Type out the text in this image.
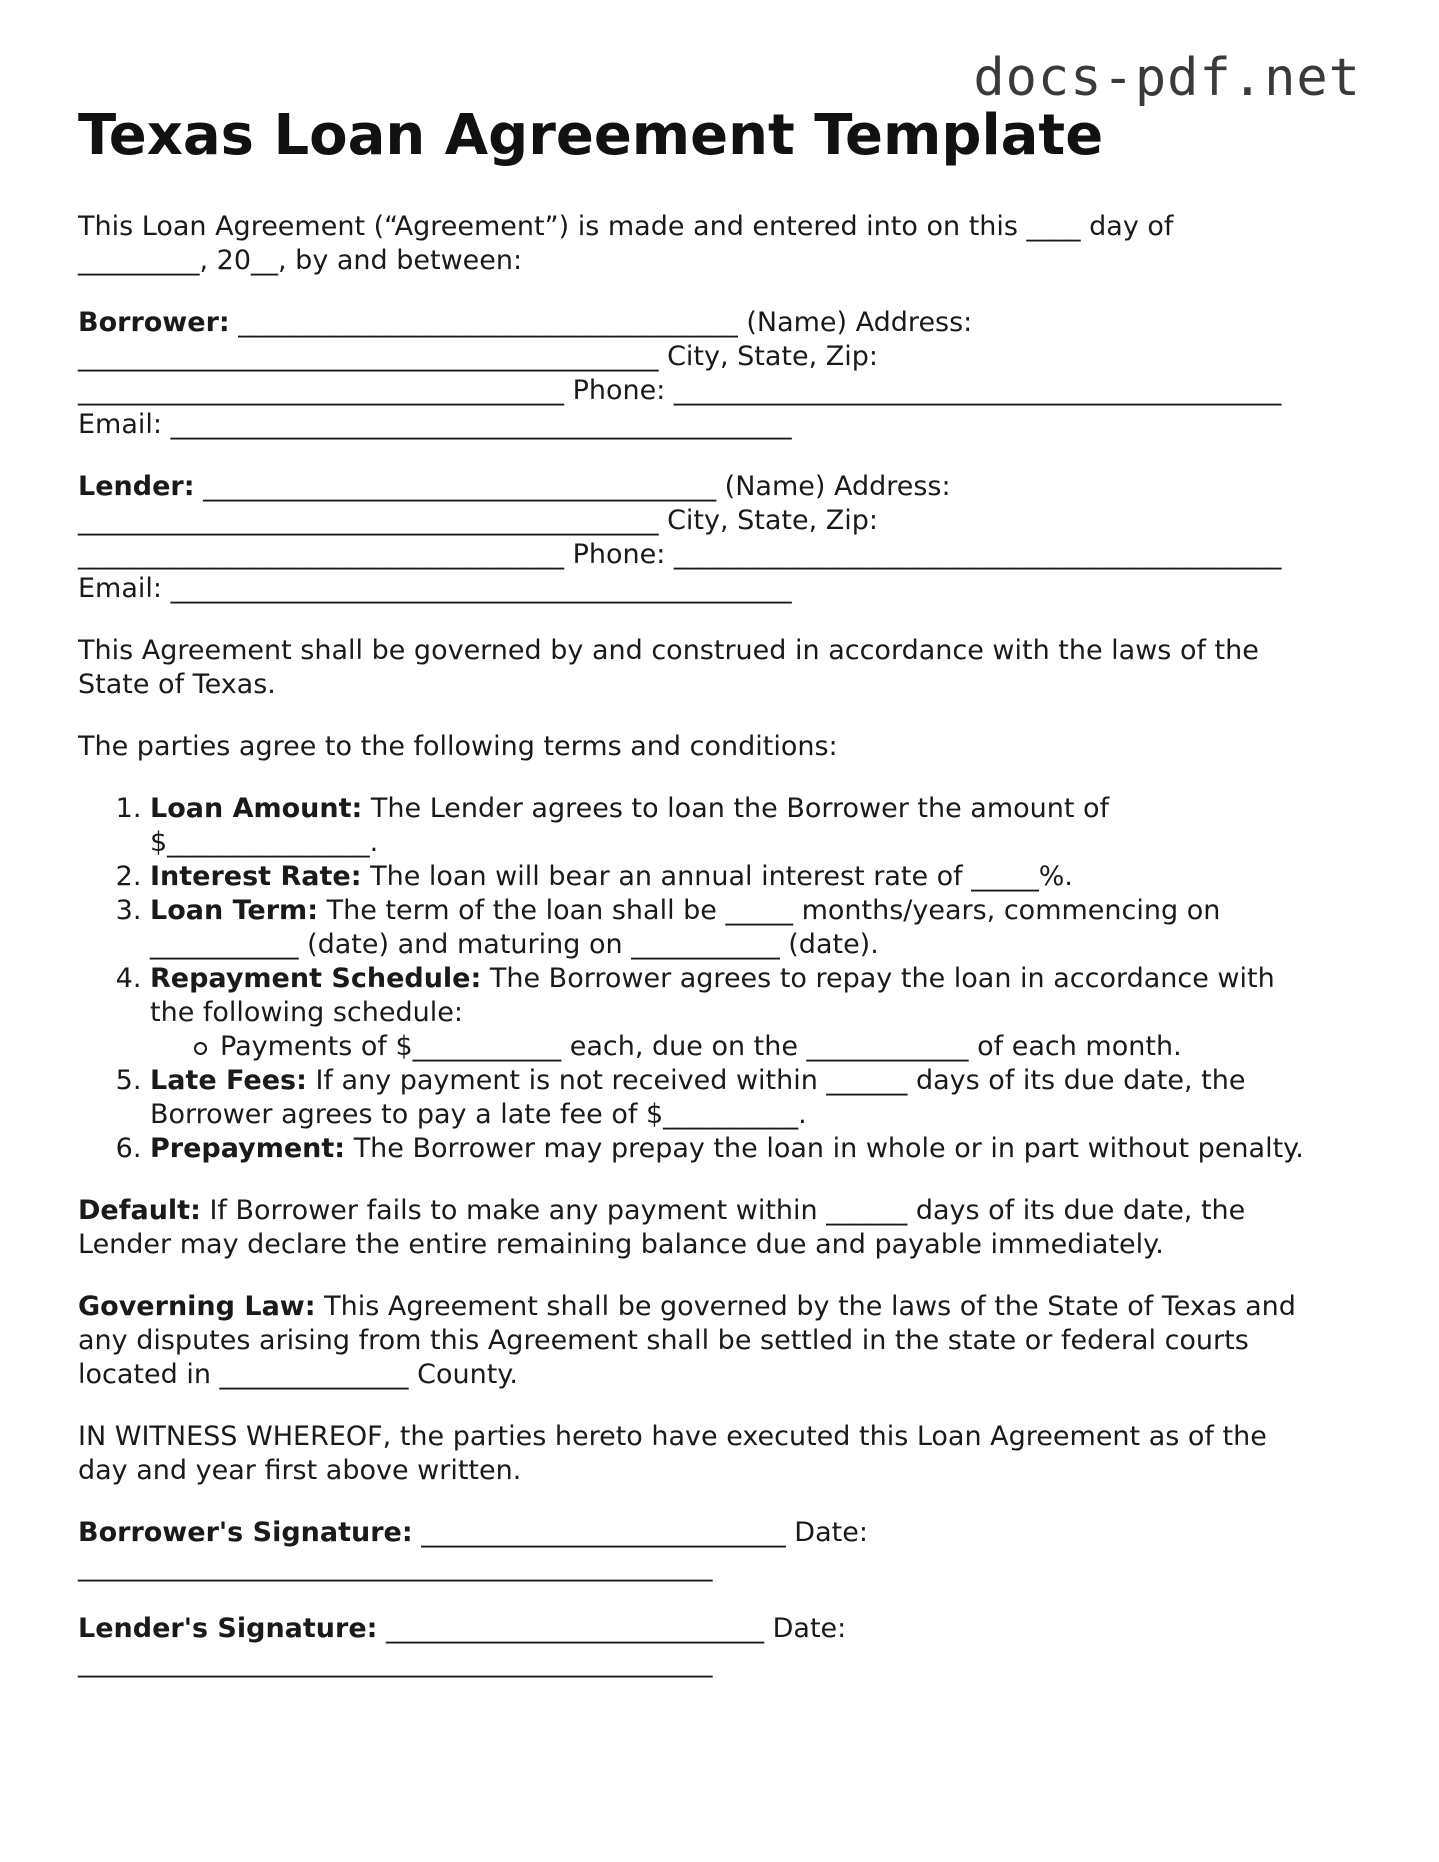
docs-pdf.net
Texas Loan Agreement Template

This Loan Agreement (“Agreement”) is made and entered into on this ____ day of
_________, 20__, by and between:

Borrower: _____________________________________ (Name) Address:
___________________________________________ City, State, Zip:
____________________________________ Phone: _____________________________________________
Email: ______________________________________________

Lender: ______________________________________ (Name) Address:
___________________________________________ City, State, Zip:
____________________________________ Phone: _____________________________________________
Email: ______________________________________________

This Agreement shall be governed by and construed in accordance with the laws of the
State of Texas.

The parties agree to the following terms and conditions:

1. Loan Amount: The Lender agrees to loan the Borrower the amount of
$_______________.
2. Interest Rate: The loan will bear an annual interest rate of _____%.
3. Loan Term: The term of the loan shall be _____ months/years, commencing on
___________ (date) and maturing on ___________ (date).
4. Repayment Schedule: The Borrower agrees to repay the loan in accordance with
the following schedule:
Payments of $___________ each, due on the ____________ of each month.
5. Late Fees: If any payment is not received within ______ days of its due date, the
Borrower agrees to pay a late fee of $__________.
6. Prepayment: The Borrower may prepay the loan in whole or in part without penalty.

Default: If Borrower fails to make any payment within ______ days of its due date, the
Lender may declare the entire remaining balance due and payable immediately.

Governing Law: This Agreement shall be governed by the laws of the State of Texas and
any disputes arising from this Agreement shall be settled in the state or federal courts
located in ______________ County.

IN WITNESS WHEREOF, the parties hereto have executed this Loan Agreement as of the
day and year first above written.

Borrower's Signature: ___________________________ Date:
_______________________________________________

Lender's Signature: ____________________________ Date:
_______________________________________________
